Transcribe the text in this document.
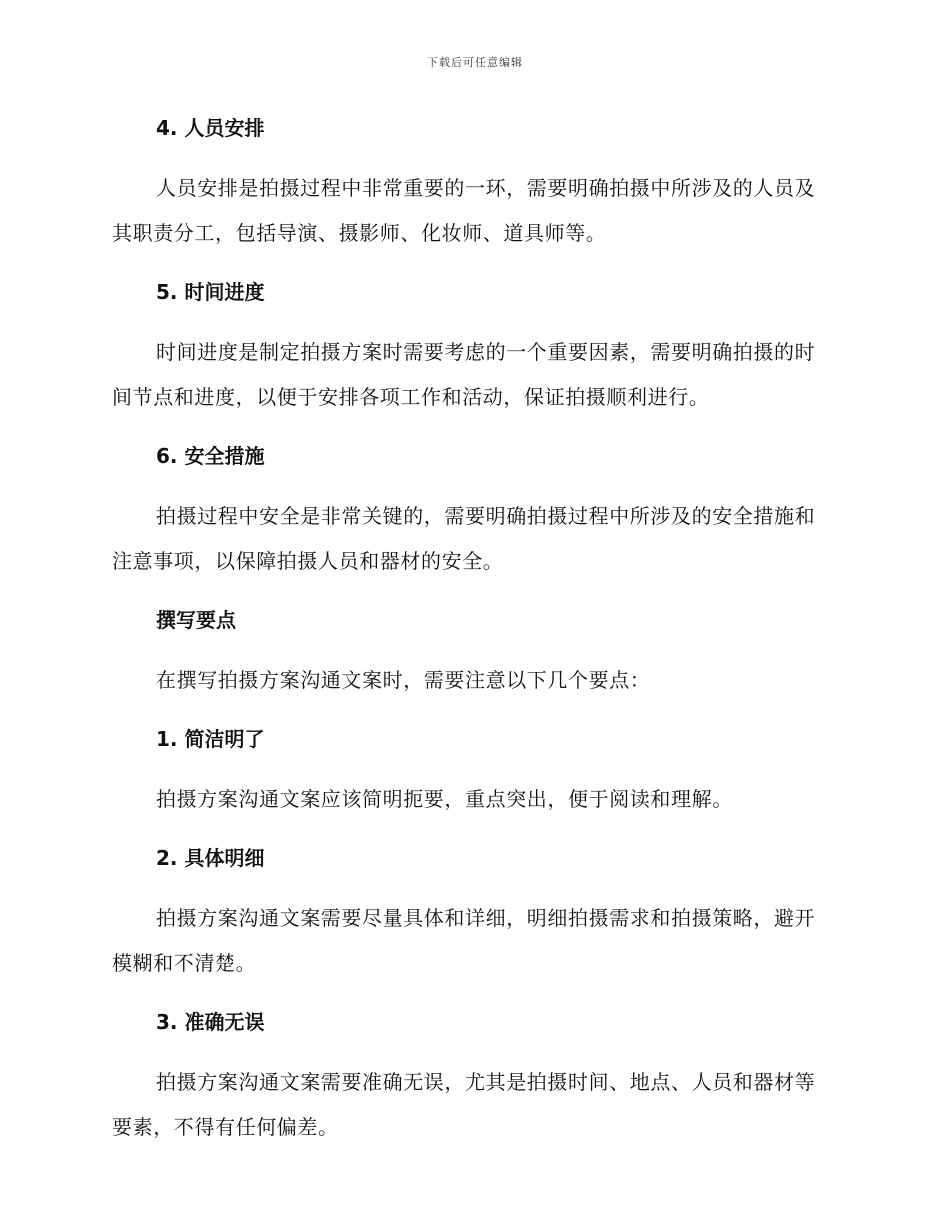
下载后可任意编辑

4. 人员安排

人员安排是拍摄过程中非常重要的一环，需要明确拍摄中所涉及的人员及其职责分工，包括导演、摄影师、化妆师、道具师等。

5. 时间进度

时间进度是制定拍摄方案时需要考虑的一个重要因素，需要明确拍摄的时间节点和进度，以便于安排各项工作和活动，保证拍摄顺利进行。

6. 安全措施

拍摄过程中安全是非常关键的，需要明确拍摄过程中所涉及的安全措施和注意事项，以保障拍摄人员和器材的安全。

撰写要点

在撰写拍摄方案沟通文案时，需要注意以下几个要点：

1. 简洁明了

拍摄方案沟通文案应该简明扼要，重点突出，便于阅读和理解。

2. 具体明细

拍摄方案沟通文案需要尽量具体和详细，明细拍摄需求和拍摄策略，避开模糊和不清楚。

3. 准确无误

拍摄方案沟通文案需要准确无误，尤其是拍摄时间、地点、人员和器材等要素，不得有任何偏差。
